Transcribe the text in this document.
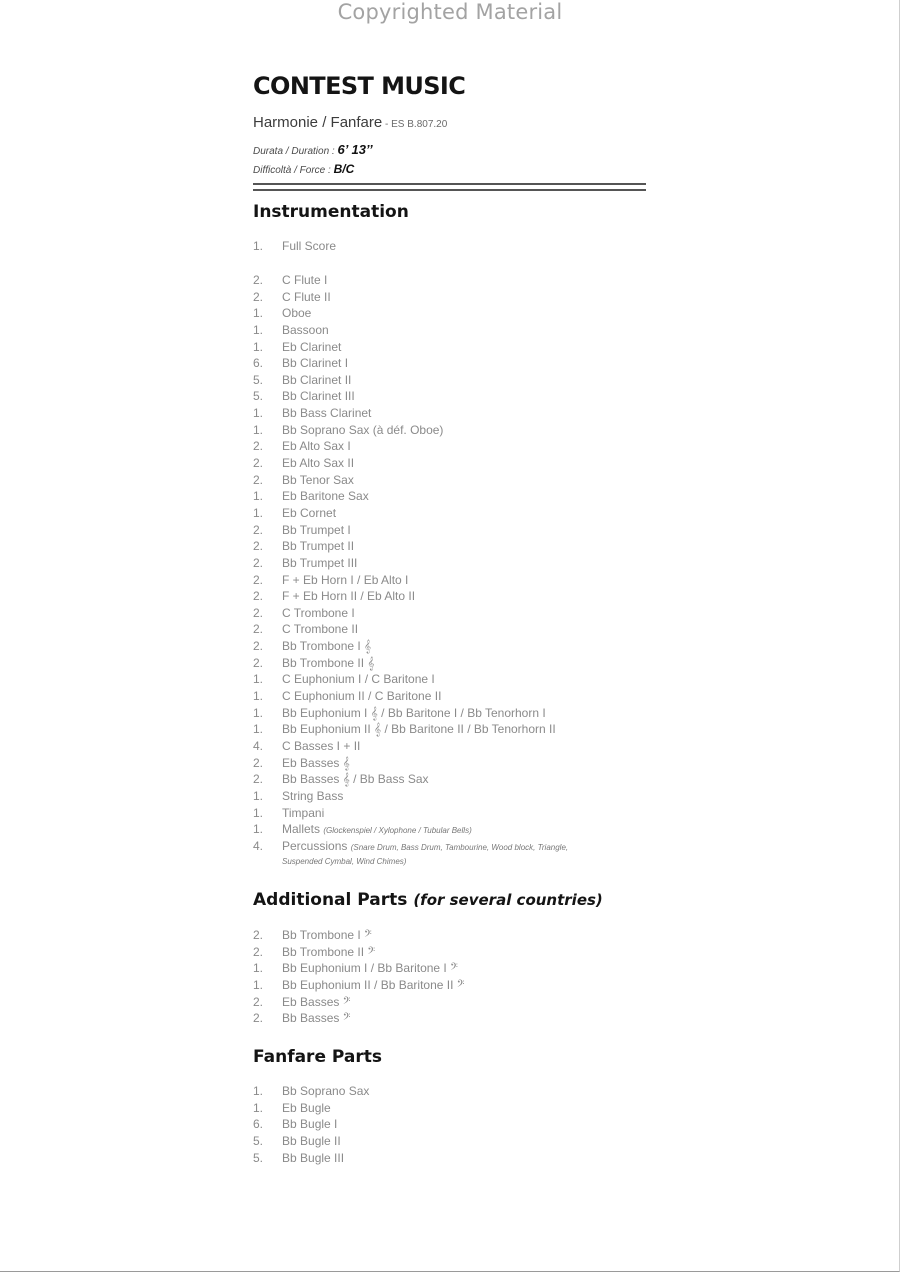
Copyrighted Material
CONTEST MUSIC
Harmonie / Fanfare - ES B.807.20
Durata / Duration : 6’ 13’’
Difficoltà / Force : B/C
Instrumentation
1. Full Score
2. C Flute I
2. C Flute II
1. Oboe
1. Bassoon
1. Eb Clarinet
6. Bb Clarinet I
5. Bb Clarinet II
5. Bb Clarinet III
1. Bb Bass Clarinet
1. Bb Soprano Sax (à déf. Oboe)
2. Eb Alto Sax I
2. Eb Alto Sax II
2. Bb Tenor Sax
1. Eb Baritone Sax
1. Eb Cornet
2. Bb Trumpet I
2. Bb Trumpet II
2. Bb Trumpet III
2. F + Eb Horn I / Eb Alto I
2. F + Eb Horn II / Eb Alto II
2. C Trombone I
2. C Trombone II
2. Bb Trombone I 𝄞
2. Bb Trombone II 𝄞
1. C Euphonium I / C Baritone I
1. C Euphonium II / C Baritone II
1. Bb Euphonium I 𝄞 / Bb Baritone I / Bb Tenorhorn I
1. Bb Euphonium II 𝄞 / Bb Baritone II / Bb Tenorhorn II
4. C Basses I + II
2. Eb Basses 𝄞
2. Bb Basses 𝄞 / Bb Bass Sax
1. String Bass
1. Timpani
1. Mallets (Glockenspiel / Xylophone / Tubular Bells)
4. Percussions (Snare Drum, Bass Drum, Tambourine, Wood block, Triangle,
Suspended Cymbal, Wind Chimes)
Additional Parts (for several countries)
2. Bb Trombone I 𝄢
2. Bb Trombone II 𝄢
1. Bb Euphonium I / Bb Baritone I 𝄢
1. Bb Euphonium II / Bb Baritone II 𝄢
2. Eb Basses 𝄢
2. Bb Basses 𝄢
Fanfare Parts
1. Bb Soprano Sax
1. Eb Bugle
6. Bb Bugle I
5. Bb Bugle II
5. Bb Bugle III
